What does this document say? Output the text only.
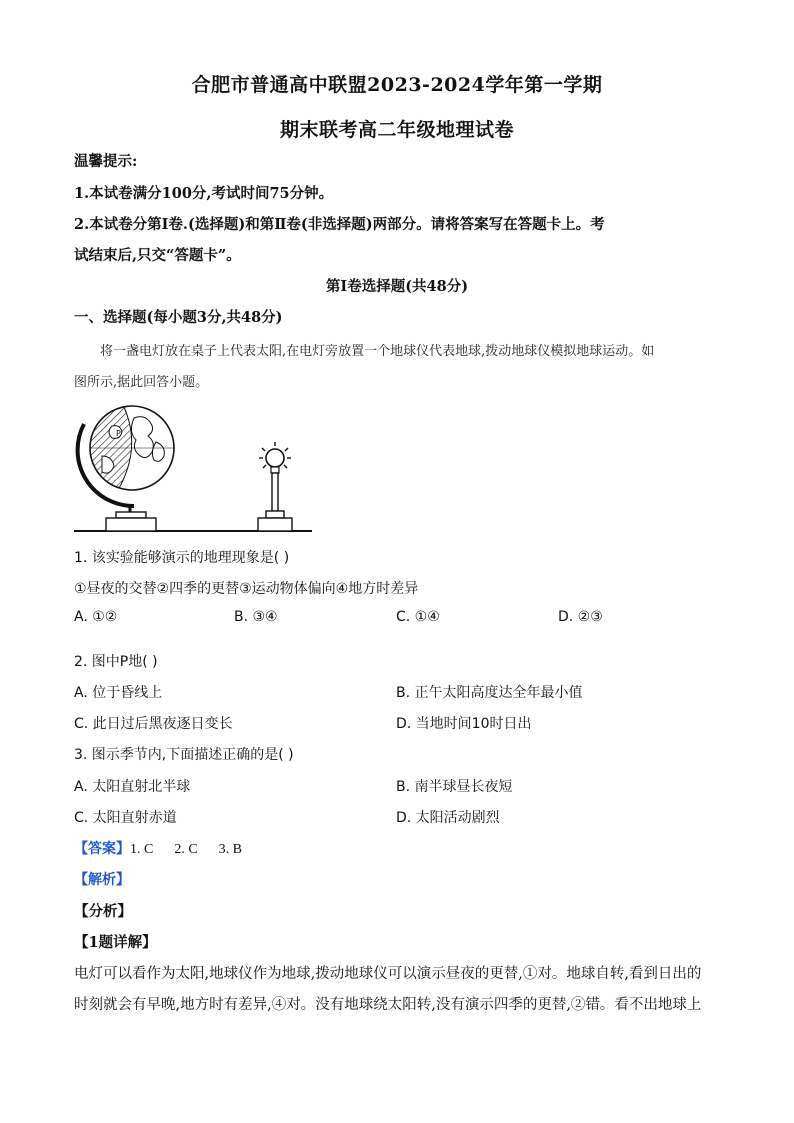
合肥市普通高中联盟2023-2024学年第一学期
期末联考高二年级地理试卷
温馨提示:
1.本试卷满分100分,考试时间75分钟。
2.本试卷分第Ⅰ卷.(选择题)和第Ⅱ卷(非选择题)两部分。请将答案写在答题卡上。考
试结束后,只交“答题卡”。
第Ⅰ卷选择题(共48分)
一、选择题(每小题3分,共48分)
将一盏电灯放在桌子上代表太阳,在电灯旁放置一个地球仪代表地球,拨动地球仪模拟地球运动。如
图所示,据此回答小题。
P
1. 该实验能够演示的地理现象是( )
①昼夜的交替②四季的更替③运动物体偏向④地方时差异
A. ①②	B. ③④	C. ①④	D. ②③
2. 图中P地( )
A. 位于昏线上	B. 正午太阳高度达全年最小值
C. 此日过后黑夜逐日变长	D. 当地时间10时日出
3. 图示季节内,下面描述正确的是( )
A. 太阳直射北半球	B. 南半球昼长夜短
C. 太阳直射赤道	D. 太阳活动剧烈
【答案】1. C      2. C      3. B
【解析】
【分析】
【1题详解】
电灯可以看作为太阳,地球仪作为地球,拨动地球仪可以演示昼夜的更替,①对。地球自转,看到日出的
时刻就会有早晚,地方时有差异,④对。没有地球绕太阳转,没有演示四季的更替,②错。看不出地球上
